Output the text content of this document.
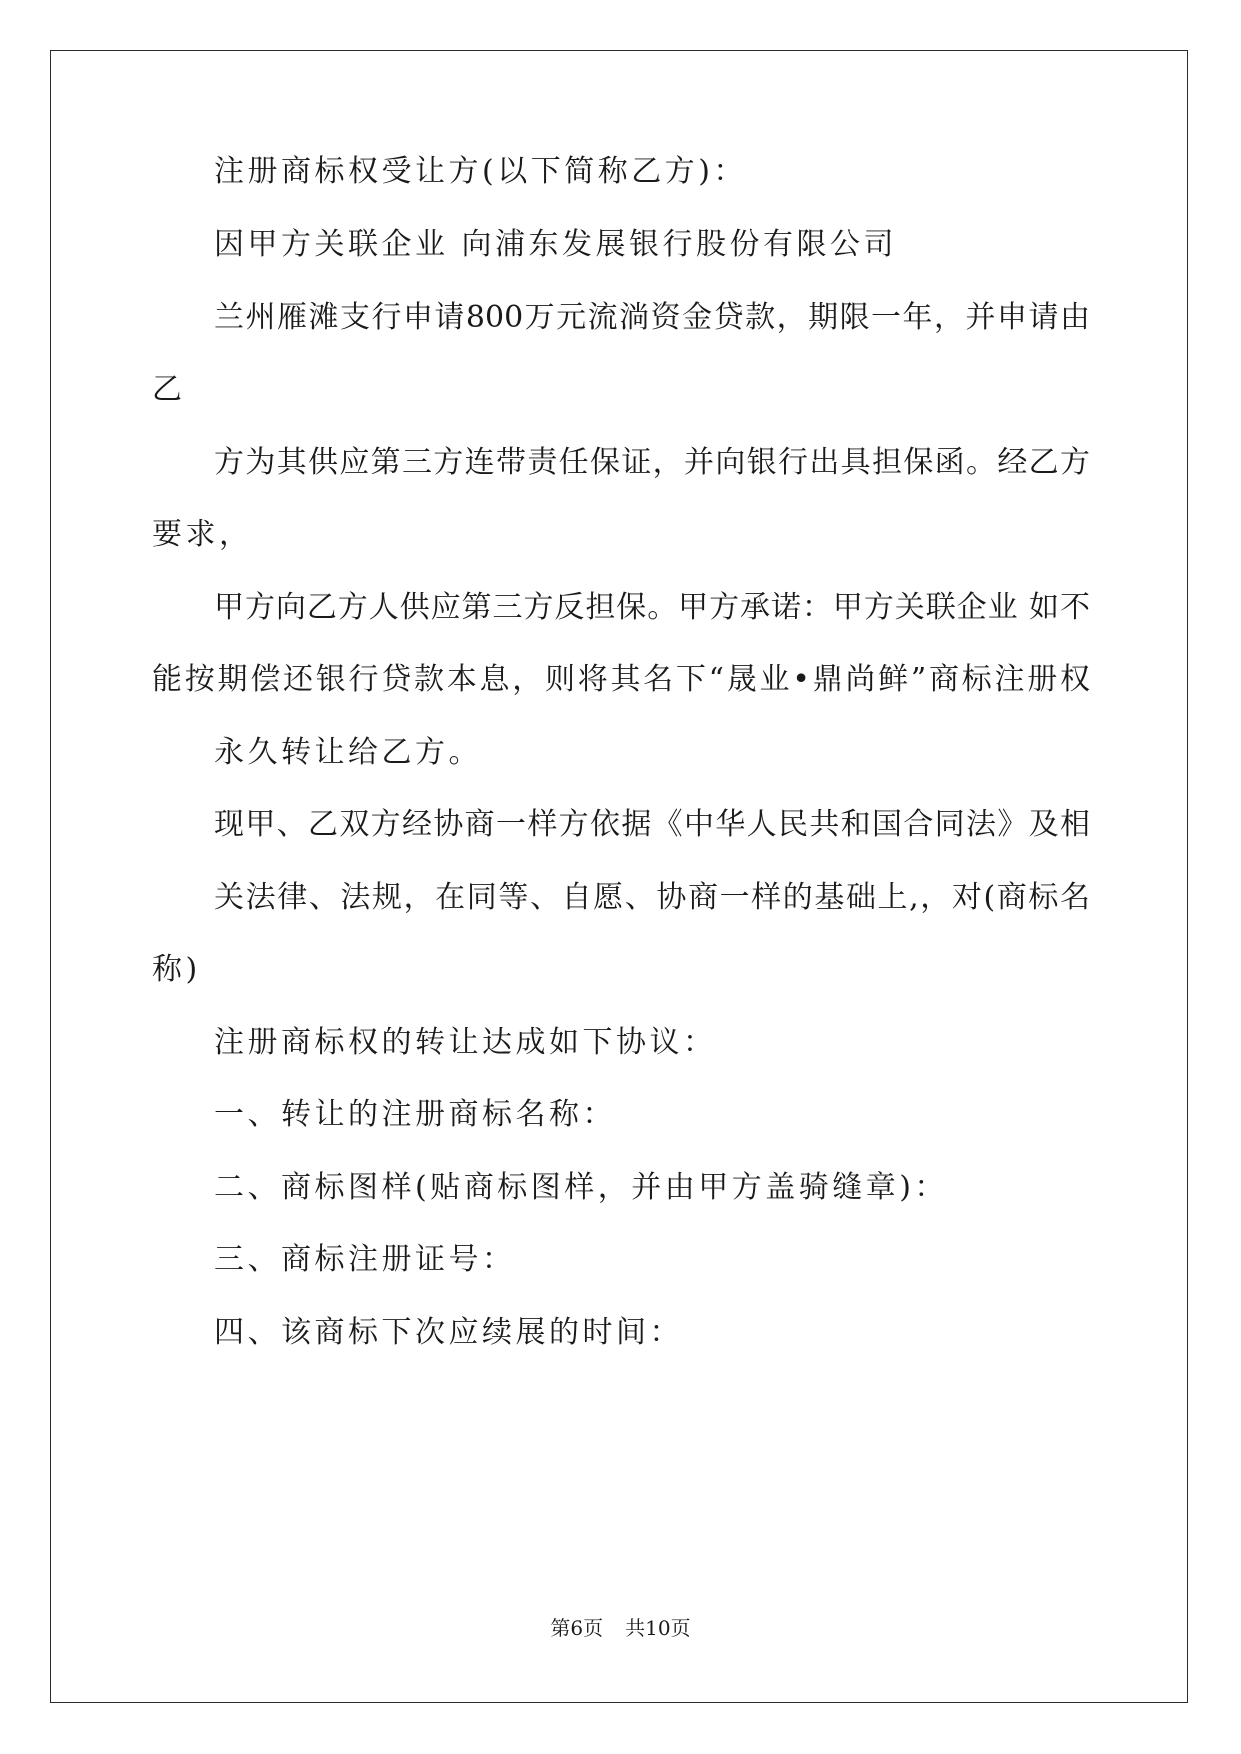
注册商标权受让方(以下简称乙方)：
因甲方关联企业 向浦东发展银行股份有限公司
兰州雁滩支行申请800万元流淌资金贷款，期限一年，并申请由
乙
方为其供应第三方连带责任保证，并向银行出具担保函。经乙方
要求，
甲方向乙方人供应第三方反担保。甲方承诺：甲方关联企业 如不
能按期偿还银行贷款本息，则将其名下“晟业•鼎尚鲜”商标注册权
永久转让给乙方。
现甲、乙双方经协商一样方依据《中华人民共和国合同法》及相
关法律、法规，在同等、自愿、协商一样的基础上,，对(商标名
称)
注册商标权的转让达成如下协议：
一、转让的注册商标名称：
二、商标图样(贴商标图样，并由甲方盖骑缝章)：
三、商标注册证号：
四、该商标下次应续展的时间：
第6页 共10页
